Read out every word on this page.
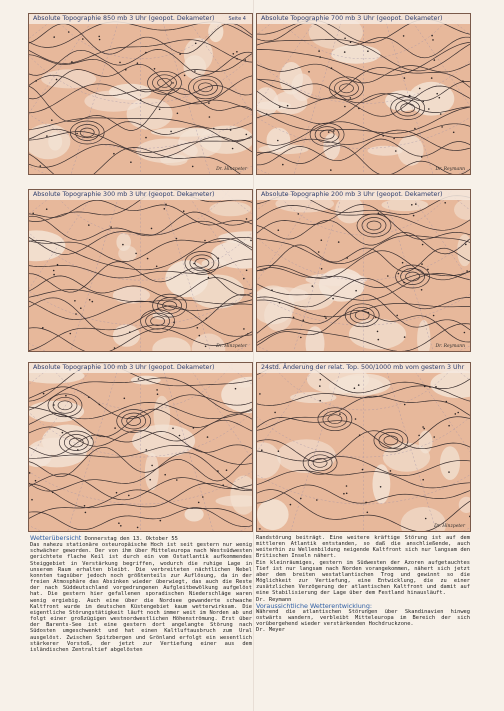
Absolute Topographie 850 mb 3 Uhr (geopot. Dekameter)	Seite 4
Dr. Hinzpeter
Absolute Topographie 700 mb 3 Uhr (geopot. Dekameter)
Dr. Reymann
Absolute Topographie 300 mb 3 Uhr (geopot. Dekameter)
Dr. Hinzpeter
Absolute Topographie 200 mb 3 Uhr (geopot. Dekameter)
Dr. Reymann
Absolute Topographie 100 mb 3 Uhr (geopot. Dekameter)	24std. Änderung der relat. Top. 500/1000 mb vom gestern 3 Uhr
Dr. Hinzpeter

Wetterübersicht Donnerstag den 13. Oktober 55

Das nahezu stationäre osteuropäische Hoch ist seit gestern nur wenig schwächer geworden. Der von ihm über Mitteleuropa nach Westsüdwesten gerichtete flache Keil ist durch ein vom Ostatlantik aufkommendes Steiggebiet in Verstärkung begriffen, wodurch die ruhige Lage in unserem Raum erhalten bleibt. Die verbreiteten nächtlichen Nebel konnten tagsüber jedoch noch größtenteils zur Auflösung, da in der freien Atmosphäre das Absinken wieder überwiegt, das auch die Reste der nach Süddeutschland vorgedrungenen Aufgleitbewölkung aufgelöst hat. Die gestern hier gefallenen sporadischen Niederschläge waren wenig ergiebig. Auch eine über die Nordsee gewanderte schwache Kaltfront wurde im deutschen Küstengebiet kaum wetterwirksam. Die eigentliche Störungstätigkeit läuft noch immer weit im Norden ab und folgt einer großzügigen westnordwestlichen Höhenströmung. Erst über der Barents-See ist eine gestern dort angelangte Störung nach Südosten umgeschwenkt und hat einen Kaltluftausbruch zum Ural ausgelöst. Zwischen Spitzbergen und Grönland erfolgt ein wesentlich stärkerer Vorstoß, der jetzt zur Vertiefung einer aus dem isländischen Zentraltief abgelösten

Randstörung beiträgt. Eine weitere kräftige Störung ist auf dem mittleren Atlantik entstanden, so daß die anschließende, auch weiterhin zu Wellenbildung neigende Kaltfront sich nur langsam den Britischen Inseln nähert.

Ein kleinräumiges, gestern im Südwesten der Azoren aufgetauchtes Tief ist nur langsam nach Norden vorangekommen, nähert sich jetzt aber dem breiten westatlantischen Trog und gewinnt so die Möglichkeit zur Vertiefung, eine Entwicklung, die zu einer zusätzlichen Verzögerung der atlantischen Kaltfront und damit auf eine Stabilisierung der Lage über dem Festland hinausläuft.

Dr. Reymann

Voraussichtliche Wetterentwicklung:

Während die atlantischen Störungen über Skandinavien hinweg ostwärts wandern, verbleibt Mitteleuropa im Bereich der sich vorübergehend wieder verstärkenden Hochdruckzone.

Dr. Meyer
